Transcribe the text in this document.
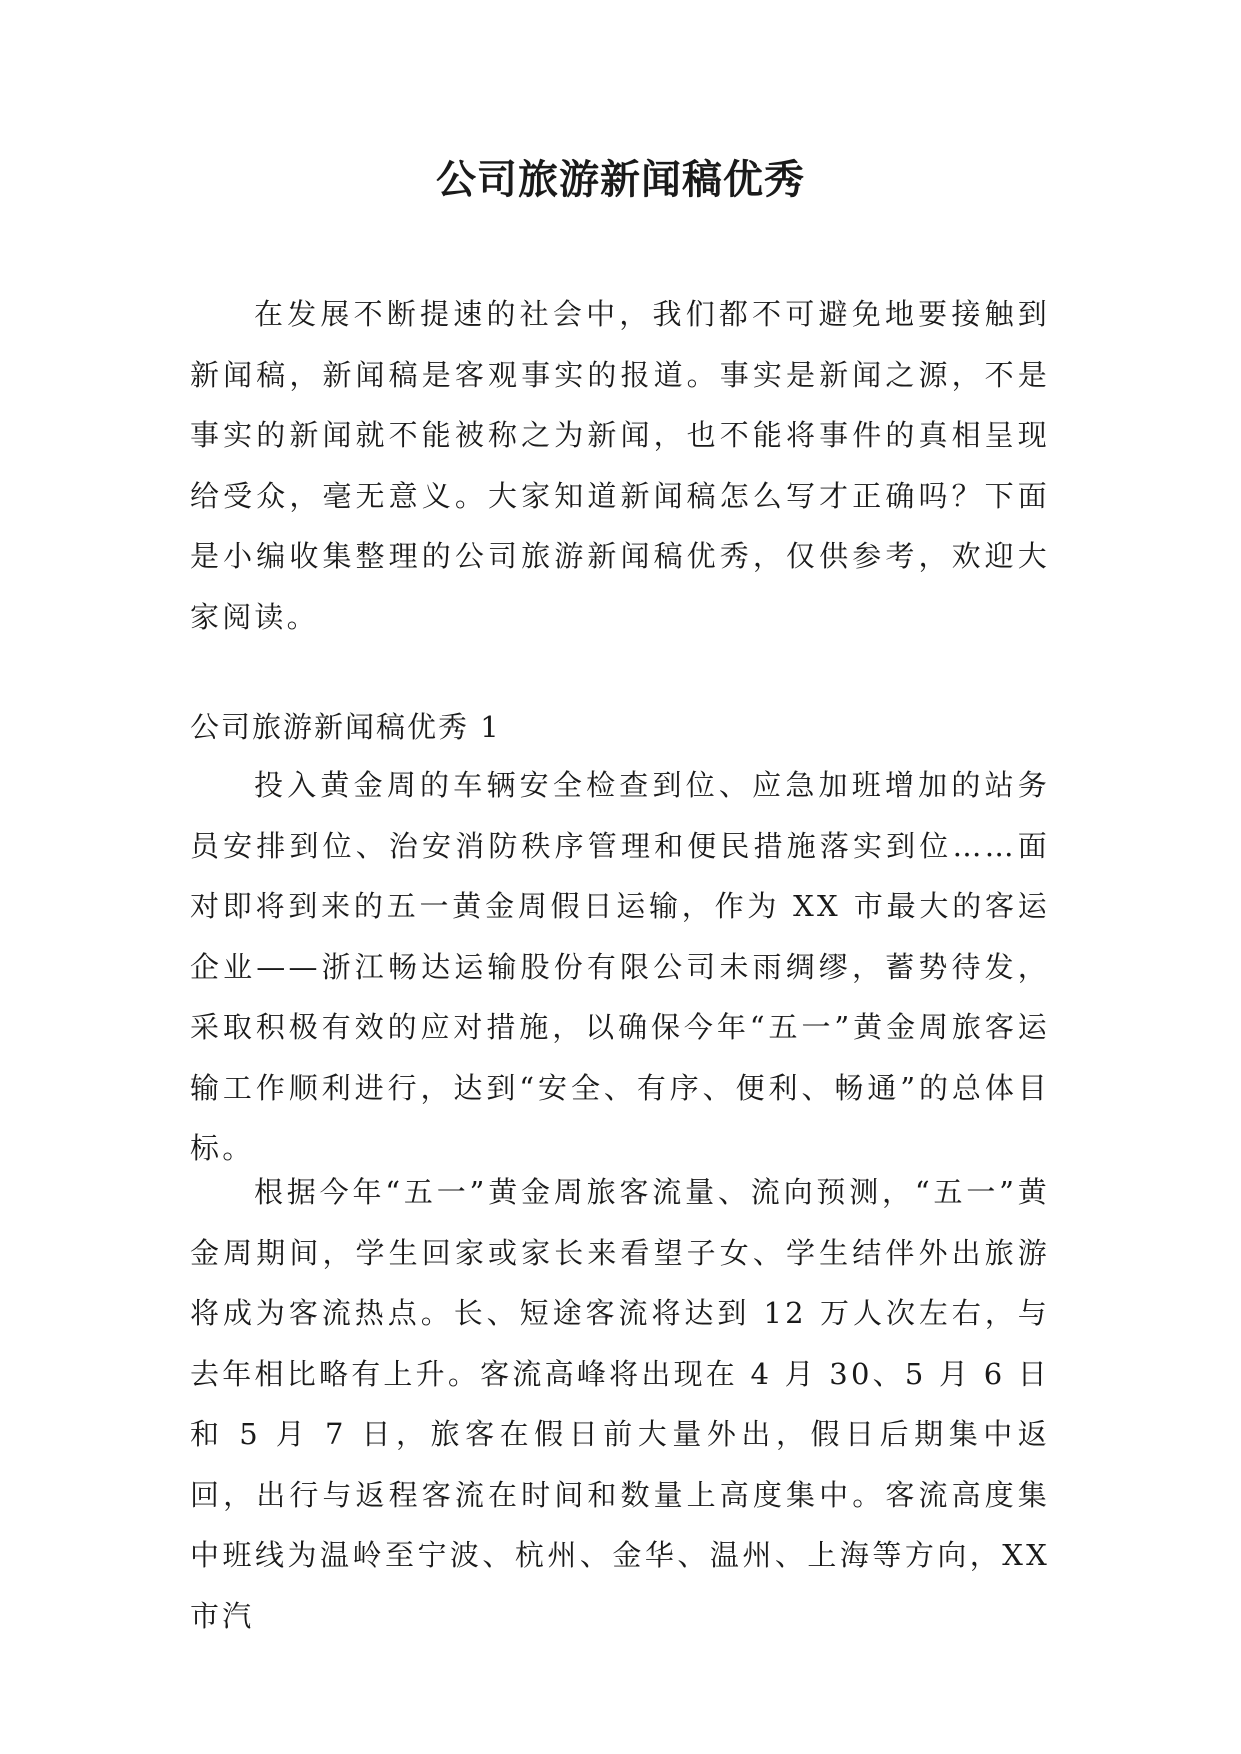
公司旅游新闻稿优秀

在发展不断提速的社会中，我们都不可避免地要接触到新闻稿，新闻稿是客观事实的报道。事实是新闻之源，不是事实的新闻就不能被称之为新闻，也不能将事件的真相呈现给受众，毫无意义。大家知道新闻稿怎么写才正确吗？下面是小编收集整理的公司旅游新闻稿优秀，仅供参考，欢迎大家阅读。

公司旅游新闻稿优秀 1

投入黄金周的车辆安全检查到位、应急加班增加的站务员安排到位、治安消防秩序管理和便民措施落实到位……面对即将到来的五一黄金周假日运输，作为 XX 市最大的客运企业——浙江畅达运输股份有限公司未雨绸缪，蓄势待发，采取积极有效的应对措施，以确保今年“五一”黄金周旅客运输工作顺利进行，达到“安全、有序、便利、畅通”的总体目标。

根据今年“五一”黄金周旅客流量、流向预测，“五一”黄金周期间，学生回家或家长来看望子女、学生结伴外出旅游将成为客流热点。长、短途客流将达到 12 万人次左右，与去年相比略有上升。客流高峰将出现在 4 月 30、5 月 6 日和 5 月 7 日，旅客在假日前大量外出，假日后期集中返回，出行与返程客流在时间和数量上高度集中。客流高度集中班线为温岭至宁波、杭州、金华、温州、上海等方向，XX 市汽
